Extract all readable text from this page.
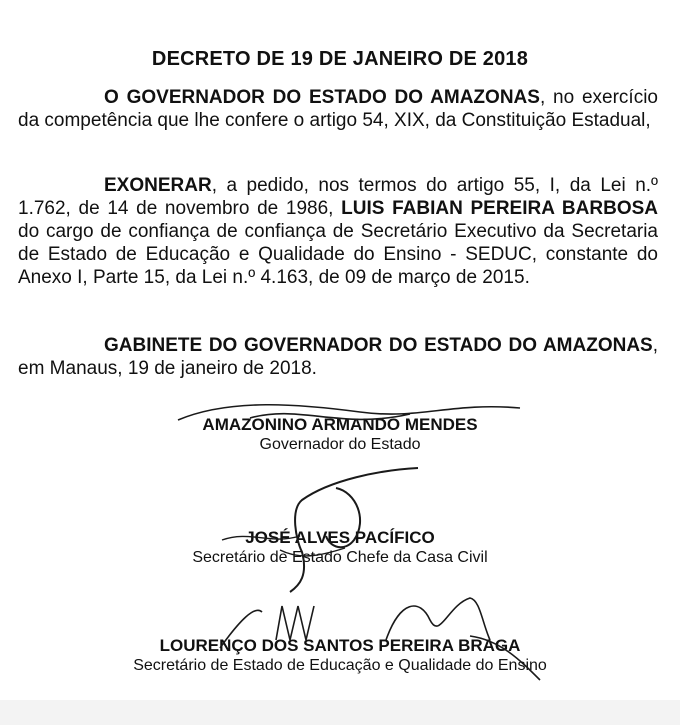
DECRETO DE 19 DE JANEIRO DE 2018
O GOVERNADOR DO ESTADO DO AMAZONAS, no exercício da competência que lhe confere o artigo 54, XIX, da Constituição Estadual,
EXONERAR, a pedido, nos termos do artigo 55, I, da Lei n.º 1.762, de 14 de novembro de 1986, LUIS FABIAN PEREIRA BARBOSA do cargo de confiança de confiança de Secretário Executivo da Secretaria de Estado de Educação e Qualidade do Ensino - SEDUC, constante do Anexo I, Parte 15, da Lei n.º 4.163, de 09 de março de 2015.
GABINETE DO GOVERNADOR DO ESTADO DO AMAZONAS, em Manaus, 19 de janeiro de 2018.
AMAZONINO ARMANDO MENDES
Governador do Estado
JOSÉ ALVES PACÍFICO
Secretário de Estado Chefe da Casa Civil
LOURENÇO DOS SANTOS PEREIRA BRAGA
Secretário de Estado de Educação e Qualidade do Ensino
